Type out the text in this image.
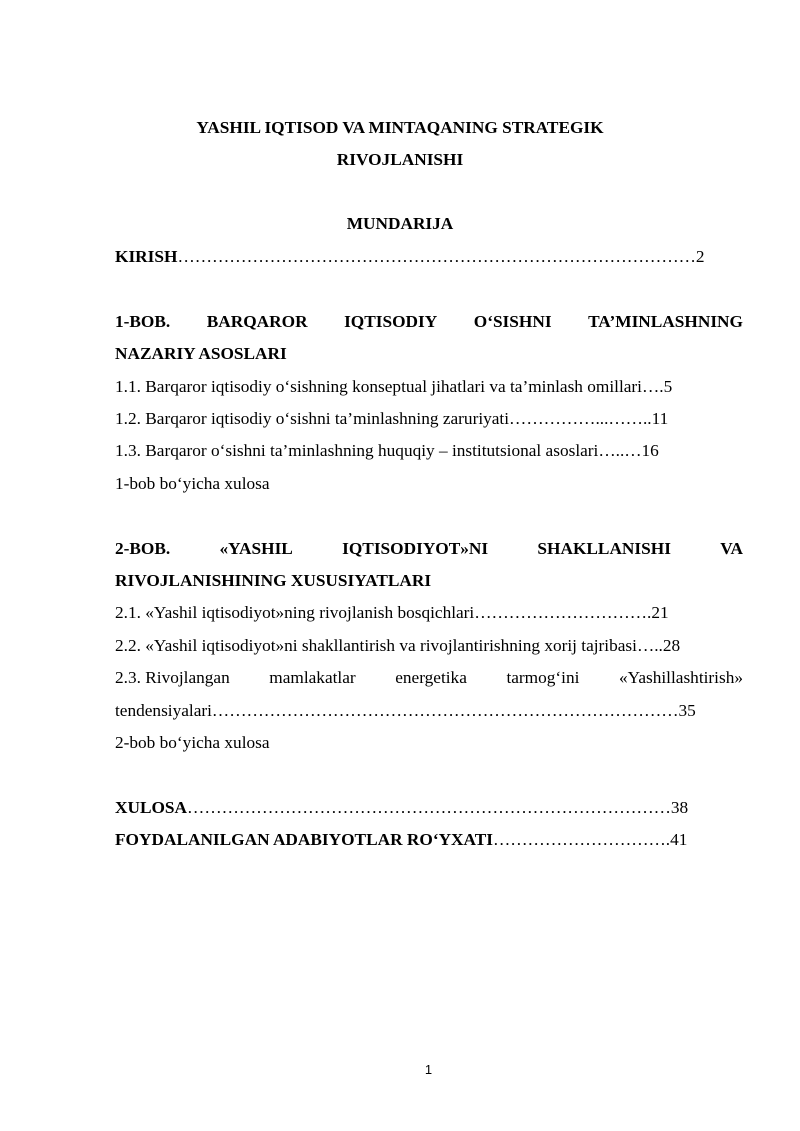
YASHIL IQTISOD VA MINTAQANING STRATEGIK
RIVOJLANISHI
MUNDARIJA
KIRISH………………………………………………………………………………2
1-BOB. BARQAROR IQTISODIY O‘SISHNI TA’MINLASHNING
NAZARIY ASOSLARI
1.1. Barqaror iqtisodiy o‘sishning konseptual jihatlari va ta’minlash omillari….5
1.2. Barqaror iqtisodiy o‘sishni ta’minlashning zaruriyati……………...……..11
1.3. Barqaror o‘sishni ta’minlashning huquqiy – institutsional asoslari…..…16
1-bob bo‘yicha xulosa
2-BOB.	«YASHIL	IQTISODIYOT»NI	SHAKLLANISHI	VA
RIVOJLANISHINING XUSUSIYATLARI
2.1. «Yashil iqtisodiyot»ning rivojlanish bosqichlari………………………….21
2.2. «Yashil iqtisodiyot»ni shakllantirish va rivojlantirishning xorij tajribasi…..28
2.3. Rivojlangan mamlakatlar energetika tarmog‘ini «Yashillashtirish»
tendensiyalari………………………………………………………………………35
2-bob bo‘yicha xulosa
XULOSA…………………………………………………………………………38
FOYDALANILGAN ADABIYOTLAR RO‘YXATI………………………….41
1
